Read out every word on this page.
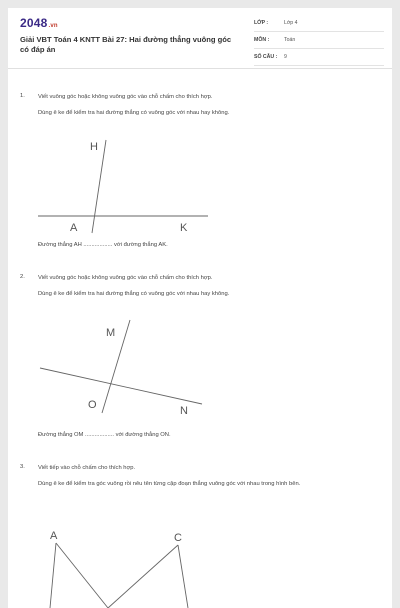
2048.vn
Giải VBT Toán 4 KNTT Bài 27: Hai đường thẳng vuông góc có đáp án
LỚP :	Lớp 4
MÔN :	Toán
SỐ CÂU : 9
1. Viết vuông góc hoặc không vuông góc vào chỗ chấm cho thích hợp.
Dùng ê ke để kiểm tra hai đường thẳng có vuông góc với nhau hay không.
H
A	K
Đường thẳng AH .................. với đường thẳng AK.
2. Viết vuông góc hoặc không vuông góc vào chỗ chấm cho thích hợp.
Dùng ê ke để kiểm tra hai đường thẳng có vuông góc với nhau hay không.
M
O	N
Đường thẳng OM .................. với đường thẳng ON.
3. Viết tiếp vào chỗ chấm cho thích hợp.
Dùng ê ke để kiểm tra góc vuông rồi nêu tên từng cặp đoạn thẳng vuông góc với nhau trong hình bên.
A	C
